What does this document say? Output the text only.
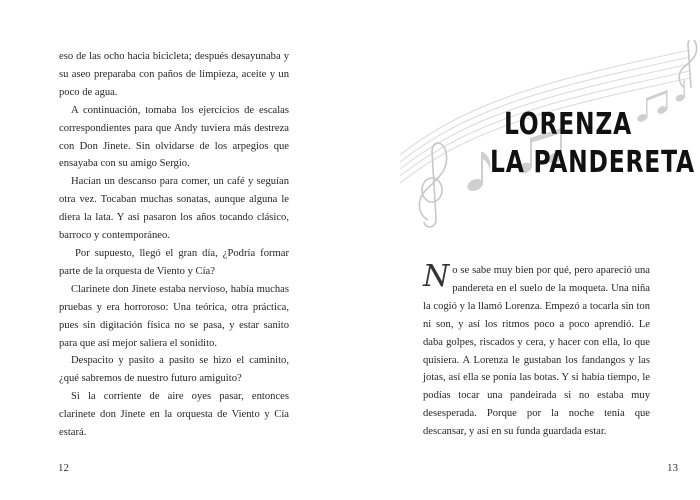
eso de las ocho hacia bicicleta; después desayunaba y su aseo preparaba con paños de limpieza, aceite y un poco de agua.

A continuación, tomaba los ejercicios de escalas correspondientes para que Andy tuviera más destreza con Don Jinete. Sin olvidarse de los arpegios que ensayaba con su amigo Sergio.

Hacían un descanso para comer, un café y seguían otra vez. Tocaban muchas sonatas, aunque alguna le diera la lata. Y así pasaron los años tocando clásico, barroco y contemporáneo.

Por supuesto, llegó el gran día, ¿Podría formar parte de la orquesta de Viento y Cía?

Clarinete don Jinete estaba nervioso, había muchas pruebas y era horroroso: Una teórica, otra práctica, pues sin digitación física no se pasa, y estar sanito para que así mejor saliera el sonidito.

Despacito y pasito a pasito se hizo el caminito, ¿qué sabremos de nuestro futuro amiguito?

Si la corriente de aire oyes pasar, entonces clarinete don Jinete en la orquesta de Viento y Cía estará.

12
LORENZA
LA PANDERETA

No se sabe muy bien por qué, pero apareció una pandereta en el suelo de la moqueta. Una niña la cogió y la llamó Lorenza. Empezó a tocarla sin ton ni son, y así los ritmos poco a poco aprendió. Le daba golpes, riscados y cera, y hacer con ella, lo que quisiera. A Lorenza le gustaban los fandangos y las jotas, así ella se ponía las botas. Y si había tiempo, le podías tocar una pandeirada si no estaba muy desesperada. Porque por la noche tenía que descansar, y así en su funda guardada estar.

13
